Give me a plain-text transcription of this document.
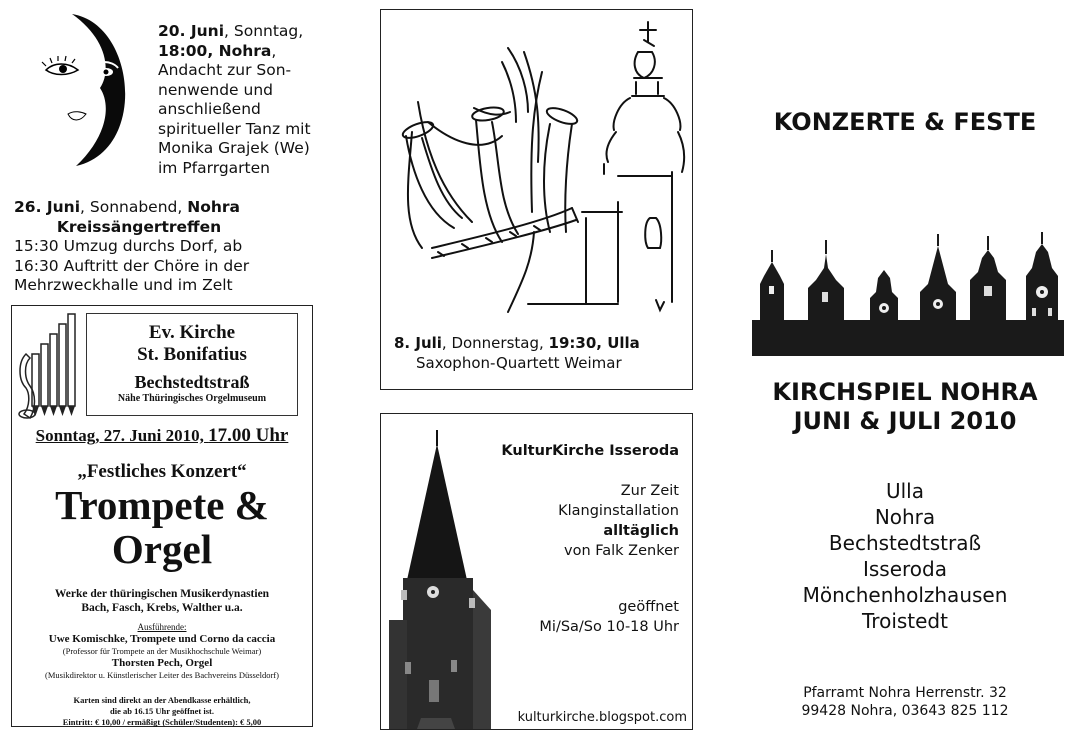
20. Juni, Sonntag,
18:00, Nohra,
Andacht zur Son-
nenwende und
anschließend
spiritueller Tanz mit
Monika Grajek (We)
im Pfarrgarten
26. Juni, Sonnabend, Nohra
Kreissängertreffen
15:30 Umzug durchs Dorf, ab
16:30 Auftritt der Chöre in der
Mehrzweckhalle und im Zelt
Ev. Kirche
St. Bonifatius
Bechstedtstraß
Nähe Thüringisches Orgelmuseum
Sonntag, 27. Juni 2010, 17.00 Uhr
„Festliches Konzert“
Trompete &
Orgel
Werke der thüringischen Musikerdynastien
Bach, Fasch, Krebs, Walther u.a.
Ausführende:
Uwe Komischke, Trompete und Corno da caccia
(Professor für Trompete an der Musikhochschule Weimar)
Thorsten Pech, Orgel
(Musikdirektor u. Künstlerischer Leiter des Bachvereins Düsseldorf)
Karten sind direkt an der Abendkasse erhältlich,
die ab 16.15 Uhr geöffnet ist.
Eintritt: € 10,00 / ermäßigt (Schüler/Studenten): € 5,00
8. Juli, Donnerstag, 19:30, Ulla
Saxophon-Quartett Weimar
KulturKirche Isseroda
Zur Zeit
Klanginstallation
alltäglich
von Falk Zenker
geöffnet
Mi/Sa/So 10-18 Uhr
kulturkirche.blogspot.com
KONZERTE & FESTE
KIRCHSPIEL NOHRA
JUNI & JULI 2010
Ulla
Nohra
Bechstedtstraß
Isseroda
Mönchenholzhausen
Troistedt
Pfarramt Nohra Herrenstr. 32
99428 Nohra, 03643 825 112
